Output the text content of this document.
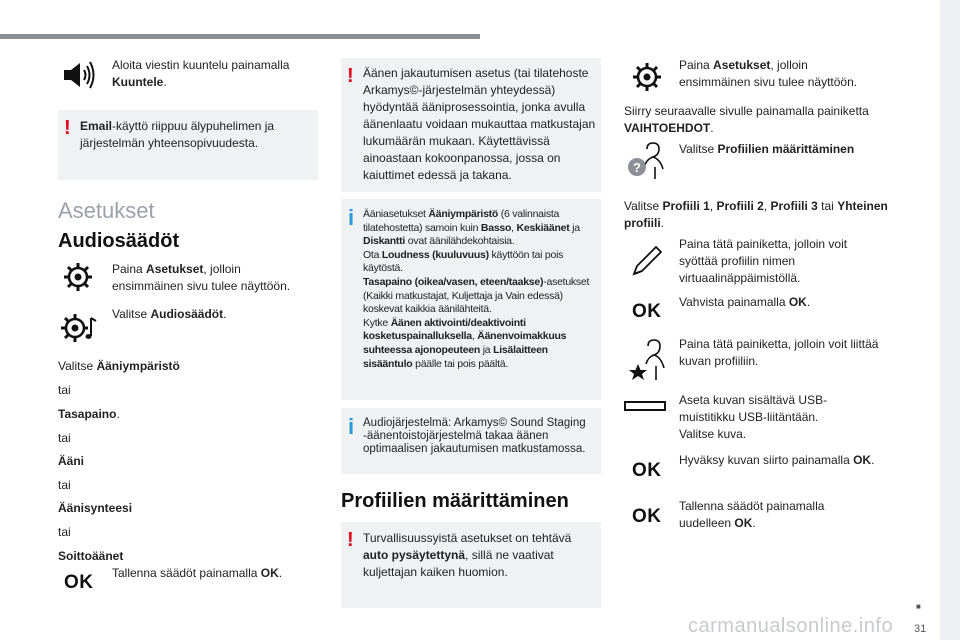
Aloita viestin kuuntelu painamalla
Kuuntele.
! Email-käyttö riippuu älypuhelimen ja järjestelmän yhteensopivuudesta.
Asetukset
Audiosäädöt
Paina Asetukset, jolloin ensimmäinen sivu tulee näyttöön.
Valitse Audiosäädöt.
Valitse Ääniympäristö
tai
Tasapaino.
tai
Ääni
tai
Äänisynteesi
tai
Soittoäänet
OK Tallenna säädöt painamalla OK.
! Äänen jakautumisen asetus (tai tilatehoste Arkamys©-järjestelmän yhteydessä) hyödyntää ääniprosessointia, jonka avulla äänenlaatu voidaan mukauttaa matkustajan lukumäärän mukaan. Käytettävissä ainoastaan kokoonpanossa, jossa on kaiuttimet edessä ja takana.
i Ääniasetukset Ääniympäristö (6 valinnaista tilatehostetta) samoin kuin Basso, Keskiäänet ja Diskantti ovat äänilähdekohtaisia.
Ota Loudness (kuuluvuus) käyttöön tai pois käytöstä.
Tasapaino (oikea/vasen, eteen/taakse)-asetukset (Kaikki matkustajat, Kuljettaja ja Vain edessä) koskevat kaikkia äänilähteitä.
Kytke Äänen aktivointi/deaktivointi kosketuspainalluksella, Äänenvoimakkuus suhteessa ajonopeuteen ja Lisälaitteen sisääntulo päälle tai pois päältä.
i Audiojärjestelmä: Arkamys© Sound Staging -äänentoistojärjestelmä takaa äänen optimaalisen jakautumisen matkustamossa.
Profiilien määrittäminen
! Turvallisuussyistä asetukset on tehtävä auto pysäytettynä, sillä ne vaativat kuljettajan kaiken huomion.
Paina Asetukset, jolloin ensimmäinen sivu tulee näyttöön.
Siirry seuraavalle sivulle painamalla painiketta VAIHTOEHDOT.
?
Valitse Profiilien määrittäminen
Valitse Profiili 1, Profiili 2, Profiili 3 tai Yhteinen profiili.
Paina tätä painiketta, jolloin voit syöttää profiilin nimen virtuaalinäppäimistöllä.
OK Vahvista painamalla OK.
Paina tätä painiketta, jolloin voit liittää kuvan profiiliin.
Aseta kuvan sisältävä USB-muistitikku USB-liitäntään.
Valitse kuva.
OK Hyväksy kuvan siirto painamalla OK.
OK Tallenna säädöt painamalla uudelleen OK.
■
31
carmanualsonline.info
